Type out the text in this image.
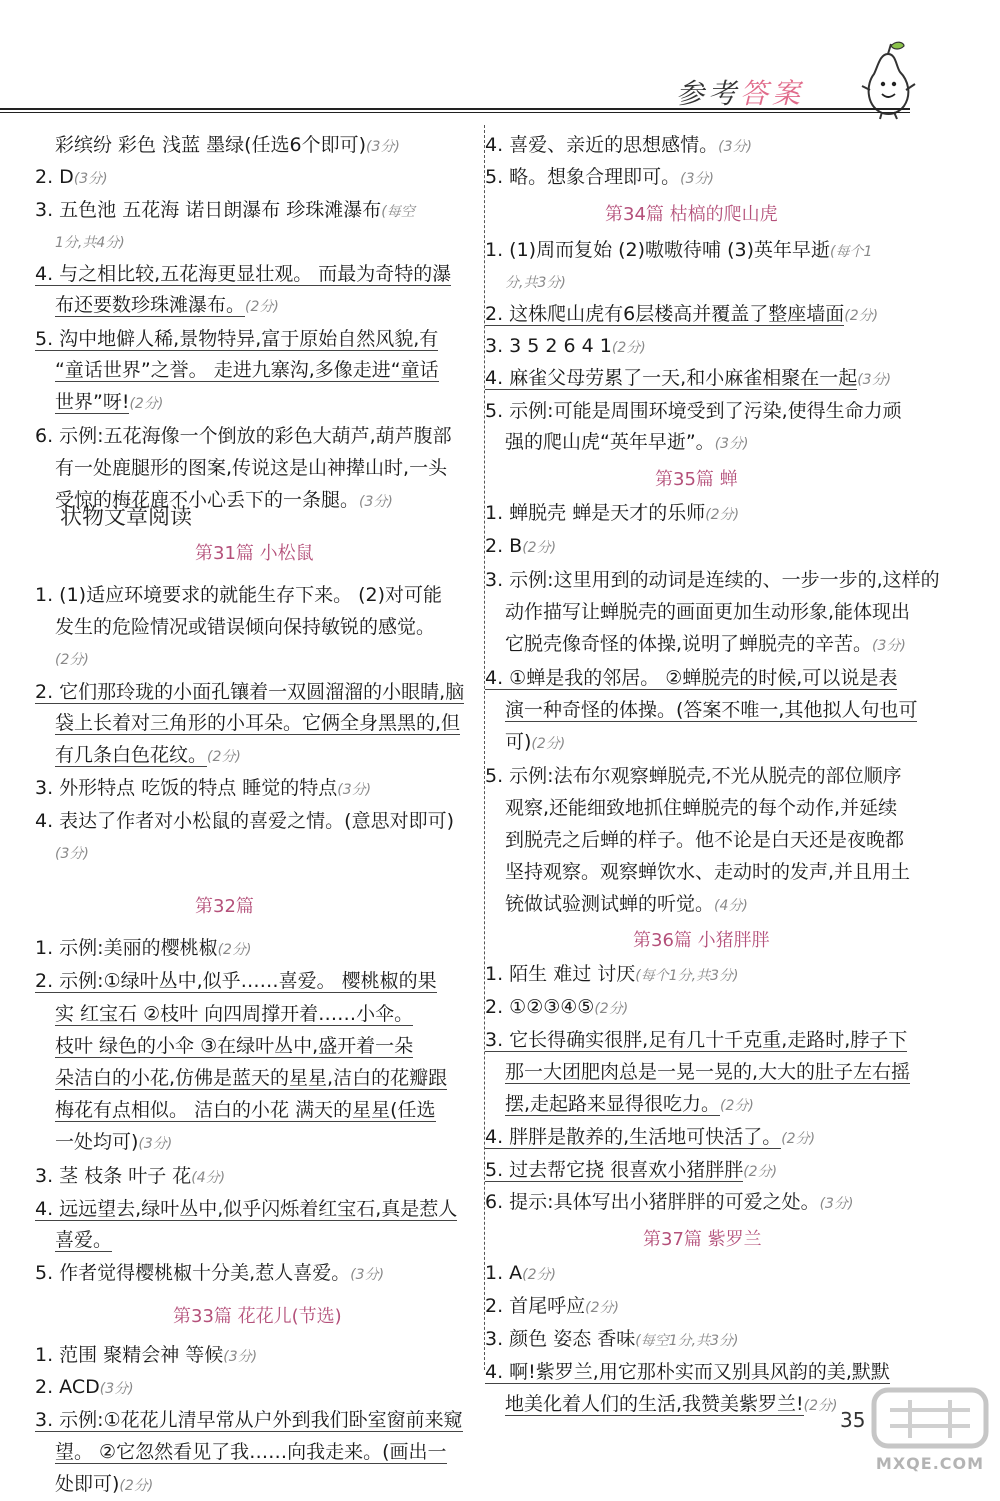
参考答案
彩缤纷 彩色 浅蓝 墨绿(任选6个即可)(3分)
2. D(3分)
3. 五色池 五花海 诺日朗瀑布 珍珠滩瀑布(每空
1分,共4分)
4. 与之相比较,五花海更显壮观。 而最为奇特的瀑
布还要数珍珠滩瀑布。(2分)
5. 沟中地僻人稀,景物特异,富于原始自然风貌,有
“童话世界”之誉。 走进九寨沟,多像走进“童话
世界”呀!(2分)
6. 示例:五花海像一个倒放的彩色大葫芦,葫芦腹部
有一处鹿腿形的图案,传说这是山神撵山时,一头
受惊的梅花鹿不小心丢下的一条腿。(3分)
1. (1)适应环境要求的就能生存下来。 (2)对可能
发生的危险情况或错误倾向保持敏锐的感觉。
(2分)
2. 它们那玲珑的小面孔镶着一双圆溜溜的小眼睛,脑
袋上长着对三角形的小耳朵。它俩全身黑黑的,但
有几条白色花纹。(2分)
3. 外形特点 吃饭的特点 睡觉的特点(3分)
4. 表达了作者对小松鼠的喜爱之情。(意思对即可)
(3分)
1. 示例:美丽的樱桃椒(2分)
2. 示例:①绿叶丛中,似乎……喜爱。 樱桃椒的果
实 红宝石 ②枝叶 向四周撑开着……小伞。
枝叶 绿色的小伞 ③在绿叶丛中,盛开着一朵
朵洁白的小花,仿佛是蓝天的星星,洁白的花瓣跟
梅花有点相似。 洁白的小花 满天的星星(任选
一处均可)(3分)
3. 茎 枝条 叶子 花(4分)
4. 远远望去,绿叶丛中,似乎闪烁着红宝石,真是惹人
喜爱。
5. 作者觉得樱桃椒十分美,惹人喜爱。(3分)
1. 范围 聚精会神 等候(3分)
2. ACD(3分)
3. 示例:①花花儿清早常从户外到我们卧室窗前来窥
望。 ②它忽然看见了我……向我走来。(画出一
处即可)(2分)
状物文章阅读
第31篇 小松鼠
第32篇
第33篇 花花儿(节选)
4. 喜爱、亲近的思想感情。(3分)
5. 略。想象合理即可。(3分)
1. (1)周而复始 (2)嗷嗷待哺 (3)英年早逝(每个1
分,共3分)
2. 这株爬山虎有6层楼高并覆盖了整座墙面(2分)
3. 3 5 2 6 4 1(2分)
4. 麻雀父母劳累了一天,和小麻雀相聚在一起(3分)
5. 示例:可能是周围环境受到了污染,使得生命力顽
强的爬山虎“英年早逝”。(3分)
1. 蝉脱壳 蝉是天才的乐师(2分)
2. B(2分)
3. 示例:这里用到的动词是连续的、一步一步的,这样的
动作描写让蝉脱壳的画面更加生动形象,能体现出
它脱壳像奇怪的体操,说明了蝉脱壳的辛苦。(3分)
4. ①蝉是我的邻居。 ②蝉脱壳的时候,可以说是表
演一种奇怪的体操。(答案不唯一,其他拟人句也可
可)(2分)
5. 示例:法布尔观察蝉脱壳,不光从脱壳的部位顺序
观察,还能细致地抓住蝉脱壳的每个动作,并延续
到脱壳之后蝉的样子。他不论是白天还是夜晚都
坚持观察。观察蝉饮水、走动时的发声,并且用土
铳做试验测试蝉的听觉。(4分)
1. 陌生 难过 讨厌(每个1分,共3分)
2. ①②③④⑤(2分)
3. 它长得确实很胖,足有几十千克重,走路时,脖子下
那一大团肥肉总是一晃一晃的,大大的肚子左右摇
摆,走起路来显得很吃力。(2分)
4. 胖胖是散养的,生活地可快活了。(2分)
5. 过去帮它挠 很喜欢小猪胖胖(2分)
6. 提示:具体写出小猪胖胖的可爱之处。(3分)
1. A(2分)
2. 首尾呼应(2分)
3. 颜色 姿态 香味(每空1分,共3分)
4. 啊!紫罗兰,用它那朴实而又别具风韵的美,默默
地美化着人们的生活,我赞美紫罗兰!(2分)
第34篇 枯槁的爬山虎
第35篇 蝉
第36篇 小猪胖胖
第37篇 紫罗兰
35
MXQE.COM
